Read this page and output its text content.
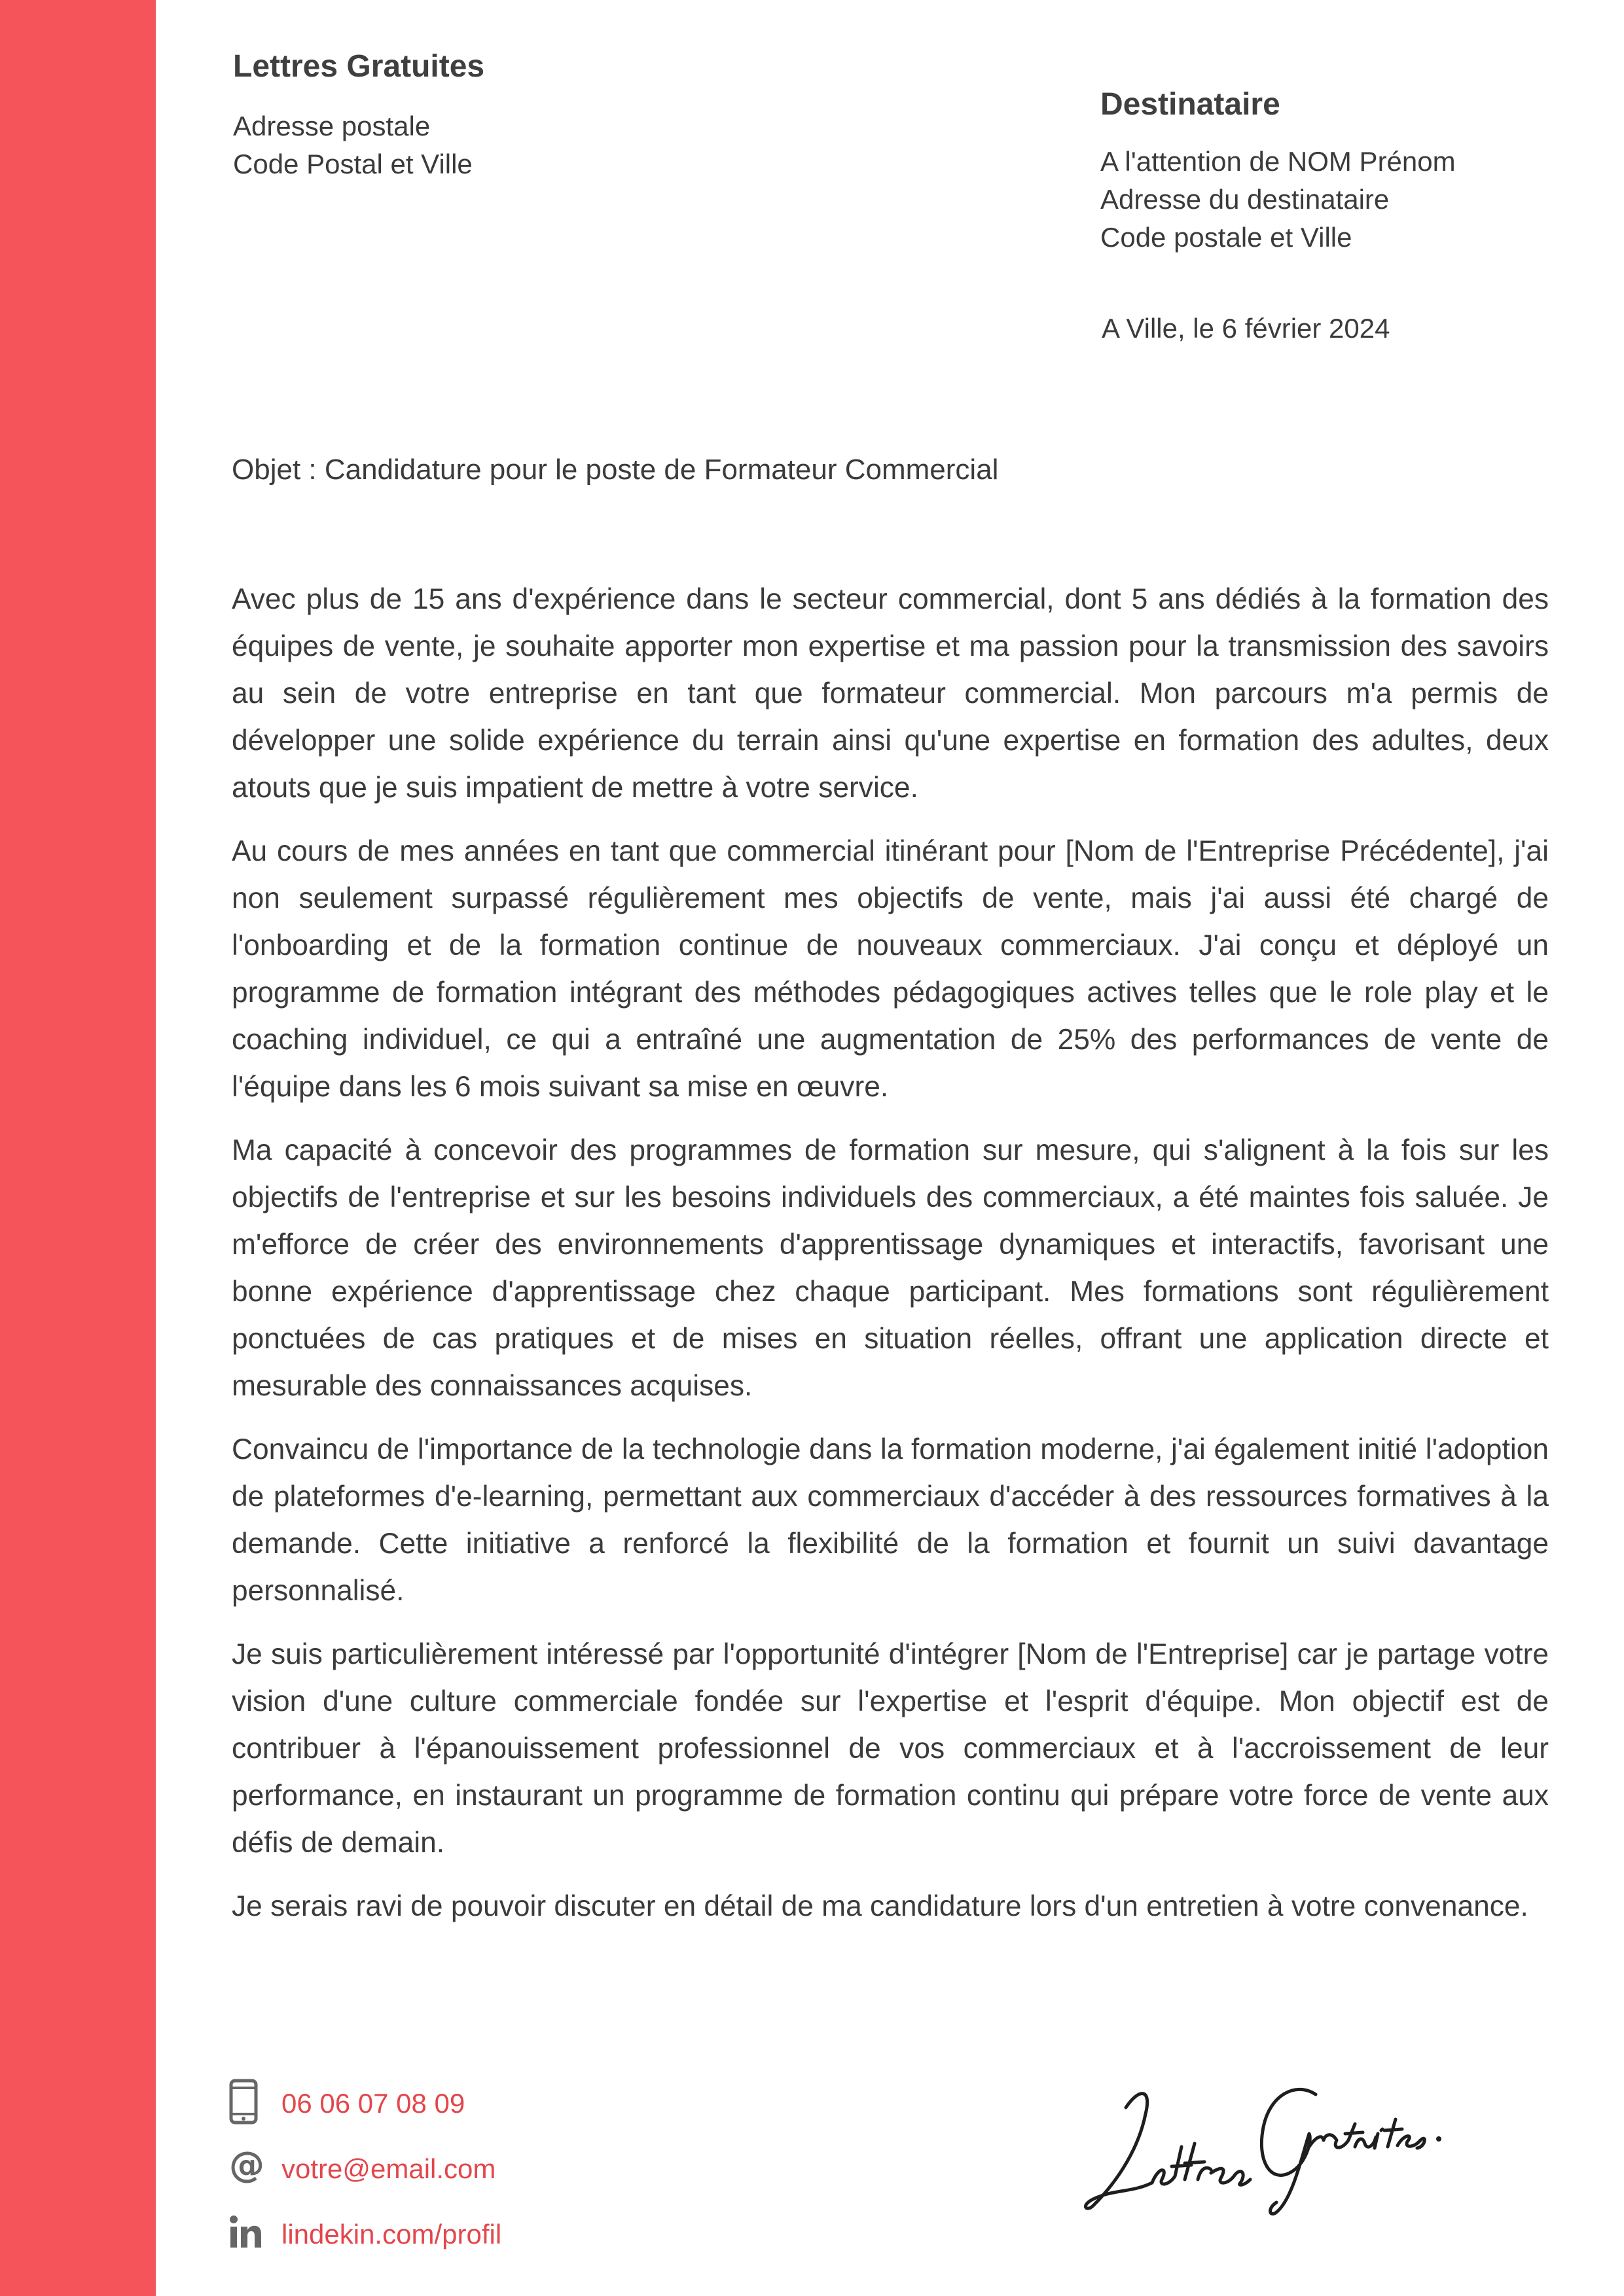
Lettres Gratuites
Adresse postale
Code Postal et Ville
Destinataire
A l'attention de NOM Prénom
Adresse du destinataire
Code postale et Ville
A Ville, le 6 février 2024
Objet : Candidature pour le poste de Formateur Commercial

Avec plus de 15 ans d'expérience dans le secteur commercial, dont 5 ans dédiés à la formation des équipes de vente, je souhaite apporter mon expertise et ma passion pour la transmission des savoirs au sein de votre entreprise en tant que formateur commercial. Mon parcours m'a permis de développer une solide expérience du terrain ainsi qu'une expertise en formation des adultes, deux atouts que je suis impatient de mettre à votre service.

Au cours de mes années en tant que commercial itinérant pour [Nom de l'Entreprise Précédente], j'ai non seulement surpassé régulièrement mes objectifs de vente, mais j'ai aussi été chargé de l'onboarding et de la formation continue de nouveaux commerciaux. J'ai conçu et déployé un programme de formation intégrant des méthodes pédagogiques actives telles que le role play et le coaching individuel, ce qui a entraîné une augmentation de 25% des performances de vente de l'équipe dans les 6 mois suivant sa mise en œuvre.

Ma capacité à concevoir des programmes de formation sur mesure, qui s'alignent à la fois sur les objectifs de l'entreprise et sur les besoins individuels des commerciaux, a été maintes fois saluée. Je m'efforce de créer des environnements d'apprentissage dynamiques et interactifs, favorisant une bonne expérience d'apprentissage chez chaque participant. Mes formations sont régulièrement ponctuées de cas pratiques et de mises en situation réelles, offrant une application directe et mesurable des connaissances acquises.

Convaincu de l'importance de la technologie dans la formation moderne, j'ai également initié l'adoption de plateformes d'e-learning, permettant aux commerciaux d'accéder à des ressources formatives à la demande. Cette initiative a renforcé la flexibilité de la formation et fournit un suivi davantage personnalisé.

Je suis particulièrement intéressé par l'opportunité d'intégrer [Nom de l'Entreprise] car je partage votre vision d'une culture commerciale fondée sur l'expertise et l'esprit d'équipe. Mon objectif est de contribuer à l'épanouissement professionnel de vos commerciaux et à l'accroissement de leur performance, en instaurant un programme de formation continu qui prépare votre force de vente aux défis de demain.

Je serais ravi de pouvoir discuter en détail de ma candidature lors d'un entretien à votre convenance.

06 06 07 08 09
@ votre@email.com
lindekin.com/profil
